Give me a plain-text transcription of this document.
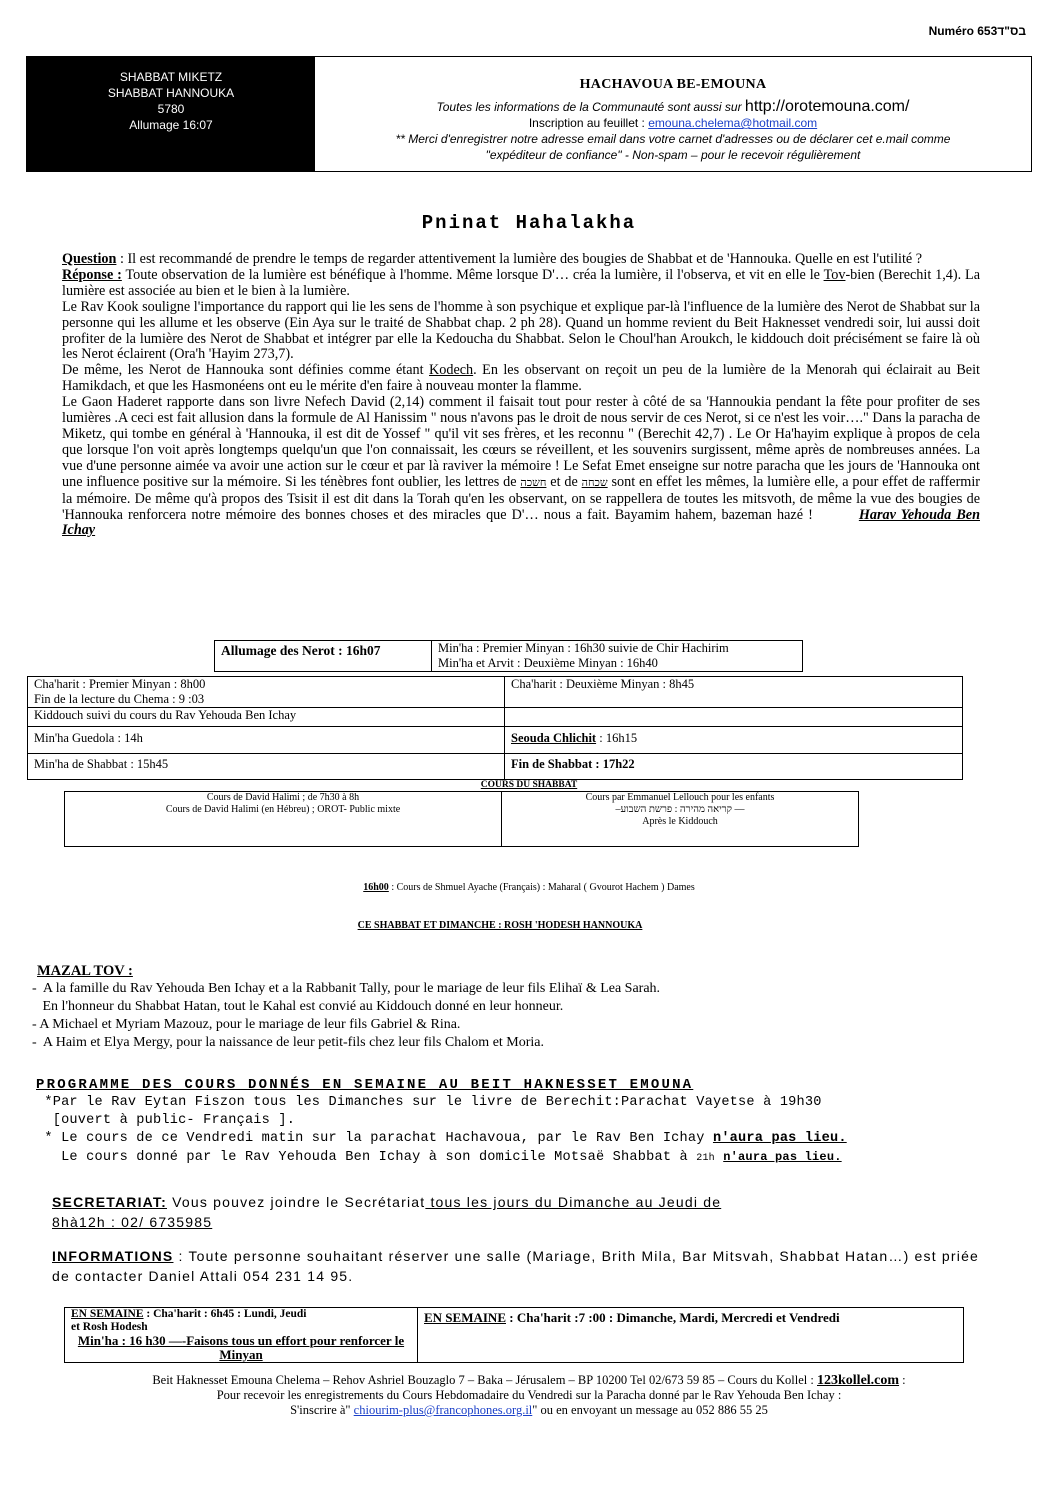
Numéro 653בס"ד
SHABBAT MIKETZ
SHABBAT HANNOUKA
5780
Allumage 16:07
HACHAVOUA BE-EMOUNA
Toutes les informations de la Communauté sont aussi sur http://orotemouna.com/
Inscription au feuillet : emouna.chelema@hotmail.com
** Merci d'enregistrer notre adresse email dans votre carnet d'adresses ou de déclarer cet e.mail comme
"expéditeur de confiance" - Non-spam – pour le recevoir régulièrement
Pninat Hahalakha

Question : Il est recommandé de prendre le temps de regarder attentivement la lumière des bougies de Shabbat et de 'Hannouka. Quelle en est l'utilité ?

Réponse : Toute observation de la lumière est bénéfique à l'homme. Même lorsque D'… créa la lumière, il l'observa, et vit en elle le Tov-bien (Berechit 1,4). La lumière est associée au bien et le bien à la lumière.

Le Rav Kook souligne l'importance du rapport qui lie les sens de l'homme à son psychique et explique par-là l'influence de la lumière des Nerot de Shabbat sur la personne qui les allume et les observe (Ein Aya sur le traité de Shabbat chap. 2 ph 28). Quand un homme revient du Beit Haknesset vendredi soir, lui aussi doit profiter de la lumière des Nerot de Shabbat et intégrer par elle la Kedoucha du Shabbat. Selon le Choul'han Aroukch, le kiddouch doit précisément se faire là où les Nerot éclairent (Ora'h 'Hayim 273,7).

De même, les Nerot de Hannouka sont définies comme étant Kodech. En les observant on reçoit un peu de la lumière de la Menorah qui éclairait au Beit Hamikdach, et que les Hasmonéens ont eu le mérite d'en faire à nouveau monter la flamme.

Le Gaon Haderet rapporte dans son livre Nefech David (2,14) comment il faisait tout pour rester à côté de sa 'Hannoukia pendant la fête pour profiter de ses lumières .A ceci est fait allusion dans la formule de Al Hanissim " nous n'avons pas le droit de nous servir de ces Nerot, si ce n'est les voir…." Dans la paracha de Miketz, qui tombe en général à 'Hannouka, il est dit de Yossef " qu'il vit ses frères, et les reconnu " (Berechit 42,7) . Le Or Ha'hayim explique à propos de cela que lorsque l'on voit après longtemps quelqu'un que l'on connaissait, les cœurs se réveillent, et les souvenirs surgissent, même après de nombreuses années. La vue d'une personne aimée va avoir une action sur le cœur et par là raviver la mémoire ! Le Sefat Emet enseigne sur notre paracha que les jours de 'Hannouka ont une influence positive sur la mémoire. Si les ténèbres font oublier, les lettres de חשכה et de שכחה sont en effet les mêmes, la lumière elle, a pour effet de raffermir la mémoire. De même qu'à propos des Tsisit il est dit dans la Torah qu'en les observant, on se rappellera de toutes les mitsvoth, de même la vue des bougies de 'Hannouka renforcera notre mémoire des bonnes choses et des miracles que D'… nous a fait. Bayamim hahem, bazeman hazé !	Harav Yehouda Ben Ichay

Allumage des Nerot : 16h07	Min'ha : Premier Minyan : 16h30 suivie de Chir Hachirim
Min'ha et Arvit : Deuxième Minyan : 16h40
Cha'harit : Premier Minyan : 8h00
Fin de la lecture du Chema : 9 :03	Cha'harit : Deuxième Minyan : 8h45
Kiddouch suivi du cours du Rav Yehouda Ben Ichay	
Min'ha Guedola : 14h	Seouda Chlichit : 16h15
Min'ha de Shabbat : 15h45	Fin de Shabbat : 17h22
COURS DU SHABBAT
Cours de David Halimi ; de 7h30 à 8h
Cours de David Halimi (en Hébreu) ; OROT- Public mixte

Cours par Emmanuel Lellouch pour les enfants
–קריאה מהירה : פרשת השבוע —
Après le Kiddouch
16h00 : Cours de Shmuel Ayache (Français) : Maharal ( Gvourot Hachem ) Dames
CE SHABBAT ET DIMANCHE : ROSH 'HODESH HANNOUKA
MAZAL TOV :
-  A la famille du Rav Yehouda Ben Ichay et a la Rabbanit Tally, pour le mariage de leur fils Elihaï & Lea Sarah.
En l'honneur du Shabbat Hatan, tout le Kahal est convié au Kiddouch donné en leur honneur.
- A Michael et Myriam Mazouz, pour le mariage de leur fils Gabriel & Rina.
-  A Haim et Elya Mergy, pour la naissance de leur petit-fils chez leur fils Chalom et Moria.
PROGRAMME DES COURS DONNÉS EN SEMAINE AU BEIT HAKNESSET EMOUNA
*Par le Rav Eytan Fiszon tous les Dimanches sur le livre de Berechit:Parachat Vayetse à 19h30
[ouvert à public- Français ].
* Le cours de ce Vendredi matin sur la parachat Hachavoua, par le Rav Ben Ichay n'aura pas lieu.
Le cours donné par le Rav Yehouda Ben Ichay à son domicile Motsaë Shabbat à 21h n'aura pas lieu.
SECRETARIAT: Vous pouvez joindre le Secrétariat tous les jours du Dimanche au Jeudi de
8hà12h : 02/ 6735985
INFORMATIONS : Toute personne souhaitant réserver une salle (Mariage, Brith Mila, Bar Mitsvah, Shabbat Hatan…) est priée de contacter Daniel Attali 054 231 14 95.
EN SEMAINE : Cha'harit : 6h45 : Lundi, Jeudi
et Rosh Hodesh
Min'ha : 16 h30 —-Faisons tous un effort pour renforcer le Minyan
	EN SEMAINE : Cha'harit :7 :00 : Dimanche, Mardi, Mercredi et Vendredi
Beit Haknesset Emouna Chelema – Rehov Ashriel Bouzaglo 7 – Baka – Jérusalem – BP 10200 Tel 02/673 59 85 – Cours du Kollel : 123kollel.com :
Pour recevoir les enregistrements du Cours Hebdomadaire du Vendredi sur la Paracha donné par le Rav Yehouda Ben Ichay :
S'inscrire à" chiourim-plus@francophones.org.il" ou en envoyant un message au 052 886 55 25
